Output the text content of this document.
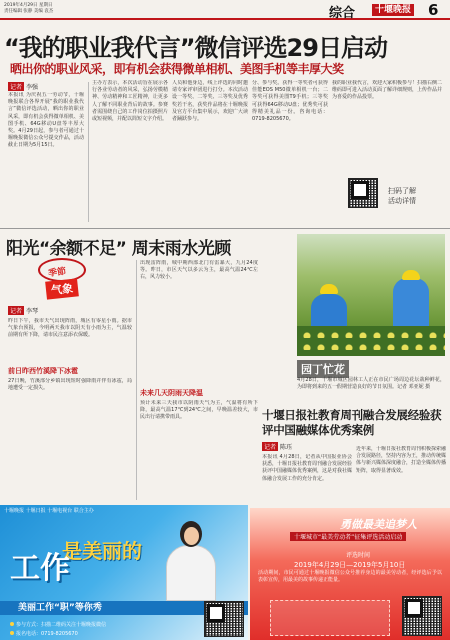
2019年4月29日 星期日
责任编辑 张静 美编 袁杰	综合	十堰晚报 6
“我的职业我代言”微信评选29日启动
晒出你的职业风采，即有机会获得微单相机、美图手机等丰厚大奖
记者 李强
本报讯 为庆祝五一劳动节，十堰晚报联合各界开展“我的职业我代言”微信评选活动，晒出你的职业风采，即有机会获得微单相机、美图手机、64G移动U盘等丰厚大奖。4月29日起，参与者可通过十堰晚报微信公众号提交作品，活动截止日期为5月15日。
主办方表示，本次活动旨在展示各行各业劳动者的风采，弘扬劳模精神、劳动精神和工匠精神，让更多人了解不同职业背后的故事。参赛者需围绕自己的工作岗位拍摄照片或短视频，并配以简短文字介绍。
人员和他身边，线上评选的同时邀请专家评审团进行打分。本次活动设一等奖、二等奖、三等奖及优秀奖若干名，获奖作品将在十堰晚报及官方平台集中展示，欢迎广大读者踊跃参与。
分、参与奖。获得一等奖者可获得佳能EOS M50微单相机一台；二等奖可获得美图T9手机；三等奖可获得64G移动U盘；优秀奖可获得精美礼品一份。咨询电话：0719-8205670。
我的职业我代言，欢迎大家积极参与！扫描右侧二维码即可进入活动页面了解详细规则，上传作品并为喜爱的作品投票。
扫码了解
活动详情
阳光“余额不足” 周末雨水光顾
季節
气象
记者 李琴
昨日下午，我市天气出现阵雨，城区有零星小雨。据市气象台预报，今明两天我市以阴天有小雨为主，气温较前期有所下降，请市民注意添衣保暖。
前日昨西竹溪降下冰雹
27日晚，竹溪部分乡镇出现短时强降雨并伴有冰雹，局地遭受一定损失。
出现雷阵雨，城中期西部北门有雷暴大，九月24度等。昨日，市区天气以多云为主，最高气温24℃左右，风力较小。
未来几天阴雨天降温
预计未来三天我市以阴雨天气为主，气温将有所下降，最高气温17℃到24℃之间，早晚温差较大，市民出行请携带雨具。
园丁忙花
4月28日，十堰市城区园林工人正在市民广场周边花坛栽种鲜花，为即将到来的五一假期营造良好的节日氛围。记者 邓亚妮 摄
十堰日报社教育周刊融合发展经验获评中国融媒体优秀案例
记者 陈珏
本报讯 4月28日，记者从中国报业协会获悉，十堰日报社教育周刊融合发展经验获评中国融媒体优秀案例，这是对我社媒体融合发展工作的充分肯定。
近年来，十堰日报社教育周刊积极探索融合发展路径，坚持内容为王，推动传统媒体与新兴媒体深度融合，打造全媒体传播矩阵，取得显著成效。
十堰晚报 十堰日报 十堰电视台 联合主办
是美丽的
工作
美丽工作“职”等你秀
参与方式：扫描二维码关注十堰晚报微信
报名电话：0719-8205670
勇做最美追梦人
十堰城市“最美劳动者”征集评选活动启动
评选时间
2019年4月29日—2019年5月10日
活动期间，市民可通过十堰晚报微信公众号推荐身边的最美劳动者，经评选后予以表彰宣传，用最美的故事传递正能量。
